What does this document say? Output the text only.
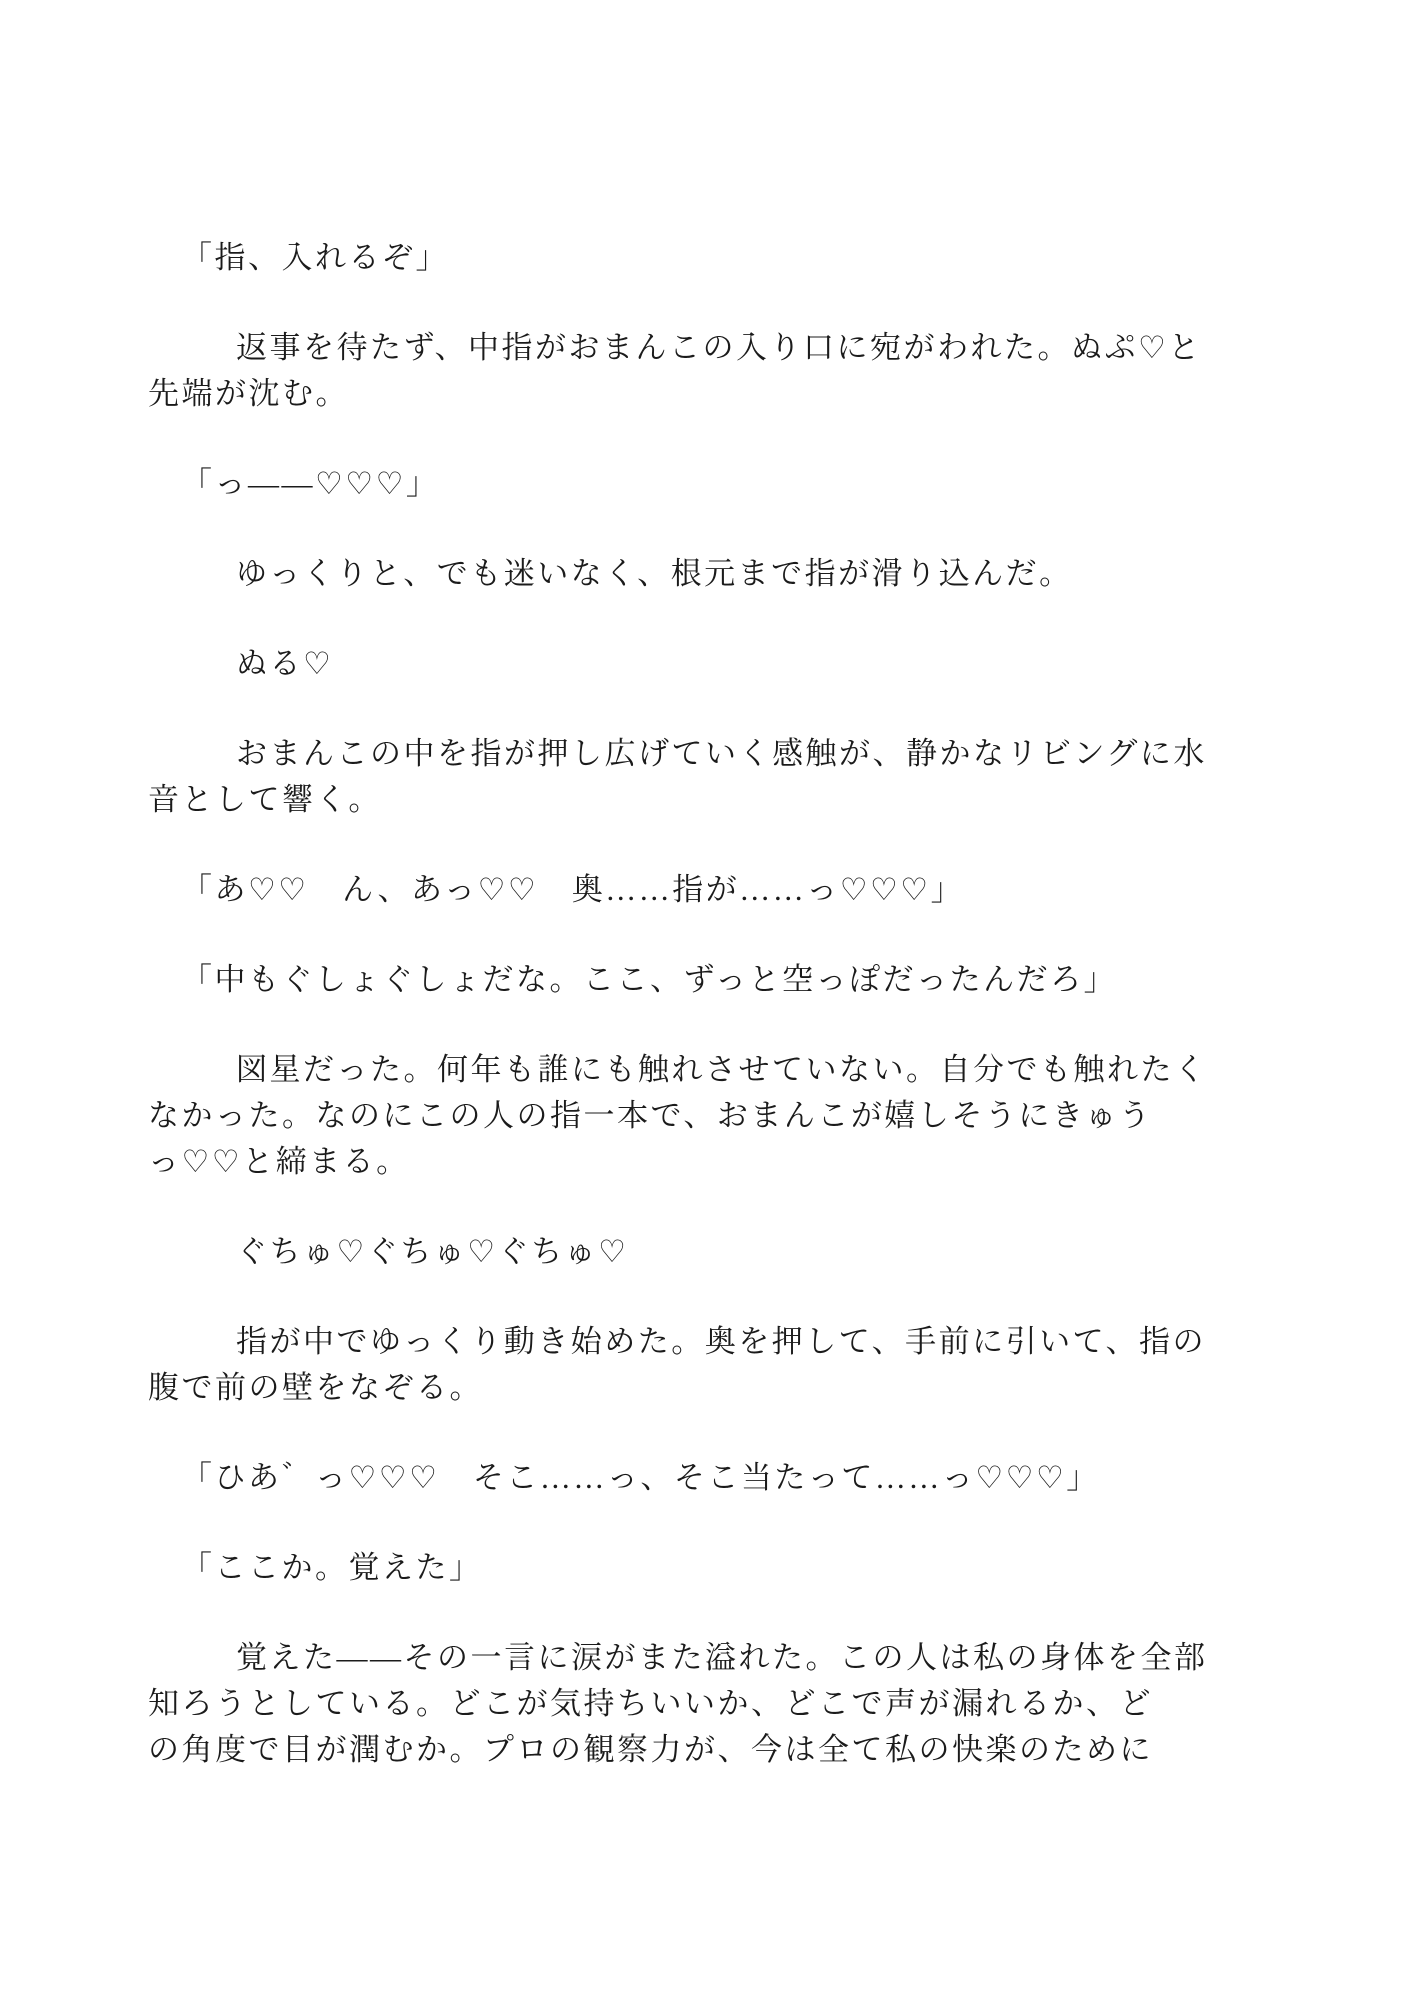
「指、入れるぞ」
返事を待たず、中指がおまんこの入り口に宛がわれた。ぬぷ♡と
先端が沈む。
「っ——♡♡♡」
ゆっくりと、でも迷いなく、根元まで指が滑り込んだ。
ぬる♡
おまんこの中を指が押し広げていく感触が、静かなリビングに水
音として響く。
「あ♡♡　ん、あっ♡♡　奥……指が……っ♡♡♡」
「中もぐしょぐしょだな。ここ、ずっと空っぽだったんだろ」
図星だった。何年も誰にも触れさせていない。自分でも触れたく
なかった。なのにこの人の指一本で、おまんこが嬉しそうにきゅう
っ♡♡と締まる。
ぐちゅ♡ぐちゅ♡ぐちゅ♡
指が中でゆっくり動き始めた。奥を押して、手前に引いて、指の
腹で前の壁をなぞる。
「ひあ゛っ♡♡♡　そこ……っ、そこ当たって……っ♡♡♡」
「ここか。覚えた」
覚えた——その一言に涙がまた溢れた。この人は私の身体を全部
知ろうとしている。どこが気持ちいいか、どこで声が漏れるか、ど
の角度で目が潤むか。プロの観察力が、今は全て私の快楽のために
